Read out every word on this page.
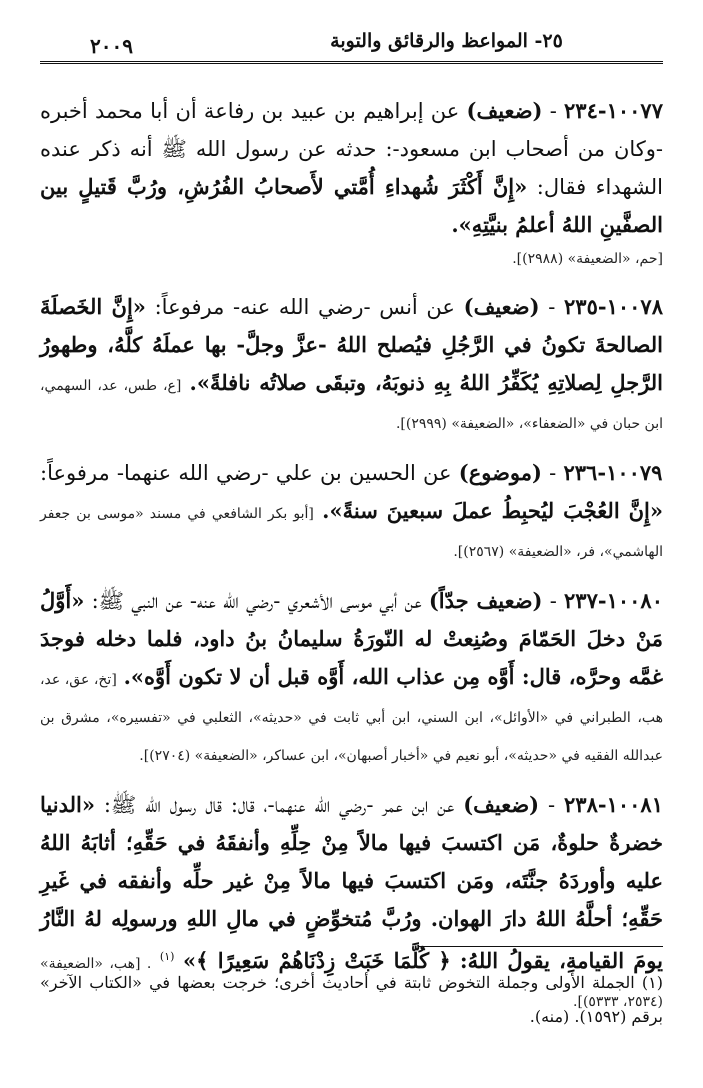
٢٠٠٩	٢٥- المواعظ والرقائق والتوبة
١٠٠٧٧-٢٣٤ - (ضعيف) عن إبراهيم بن عبيد بن رفاعة أن أبا محمد أخبره -وكان من أصحاب ابن مسعود-: حدثه عن رسول الله ﷺ أنه ذكر عنده الشهداء فقال: «إِنَّ أَكْثَرَ شُهداءِ أُمَّتي لأَصحابُ الفُرُشِ، ورُبَّ قَتيلٍ بين الصفَّينِ اللهُ أعلمُ بنيَّتِهِ».
[حم، «الضعيفة» (٢٩٨٨)].
١٠٠٧٨-٢٣٥ - (ضعيف) عن أنس -رضي الله عنه- مرفوعاً: «إِنَّ الخَصلَةَ الصالحةَ تكونُ في الرَّجُلِ فيُصلح اللهُ -عزَّ وجلَّ- بها عملَهُ كلَّهُ، وطهورُ الرَّجلِ لِصلاتِهِ يُكَفِّرُ اللهُ بِهِ ذنوبَهُ، وتبقَى صلاتُه نافلةً». [ع، طس، عد، السهمي، ابن حبان في «الضعفاء»، «الضعيفة» (٢٩٩٩)].
١٠٠٧٩-٢٣٦ - (موضوع) عن الحسين بن علي -رضي الله عنهما- مرفوعاً: «إِنَّ العُجْبَ ليُحبِطُ عملَ سبعينَ سنةً». [أبو بكر الشافعي في مسند «موسى بن جعفر الهاشمي»، فر، «الضعيفة» (٢٥٦٧)].
١٠٠٨٠-٢٣٧ - (ضعيف جدّاً) عن أبي موسى الأشعري -رضي الله عنه- عن النبي ﷺ: «أَوَّلُ مَنْ دخلَ الحَمّامَ وصُنِعتْ له النّورَةُ سليمانُ بنُ داود، فلما دخله فوجدَ غمَّه وحرَّه، قال: أَوَّه مِن عذاب الله، أَوَّه قبل أن لا تكون أَوَّه». [تخ، عق، عد، هب، الطبراني في «الأوائل»، ابن السني، ابن أبي ثابت في «حديثه»، الثعلبي في «تفسيره»، مشرق بن عبدالله الفقيه في «حديثه»، أبو نعيم في «أخبار أصبهان»، ابن عساكر، «الضعيفة» (٢٧٠٤)].
١٠٠٨١-٢٣٨ - (ضعيف) عن ابن عمر -رضي الله عنهما-، قال: قال رسول الله ﷺ: «الدنيا خضرةٌ حلوةٌ، مَن اكتسبَ فيها مالاً مِنْ حِلِّهِ وأنفقَهُ في حَقِّهِ؛ أثابَهُ اللهُ عليه وأوردَهُ جنَّتَه، ومَن اكتسبَ فيها مالاً مِنْ غير حلِّه وأنفقه في غَيرِ حَقِّهِ؛ أحلَّهُ اللهُ دارَ الهوان. ورُبَّ مُتخوِّضٍ في مالِ اللهِ ورسولِه لهُ النَّارُ يومَ القيامةِ، يقولُ اللهُ: ﴿ كُلَّمَا خَبَتْ زِدْنَاهُمْ سَعِيرًا ﴾» $^{(١)}$ . [هب، «الضعيفة» (٢٥٣٤، ٥٣٣٣)].
(١) الجملة الأولى وجملة التخوض ثابتة في أحاديث أخرى؛ خرجت بعضها في «الكتاب الآخر» برقم (١٥٩٢). (منه).
